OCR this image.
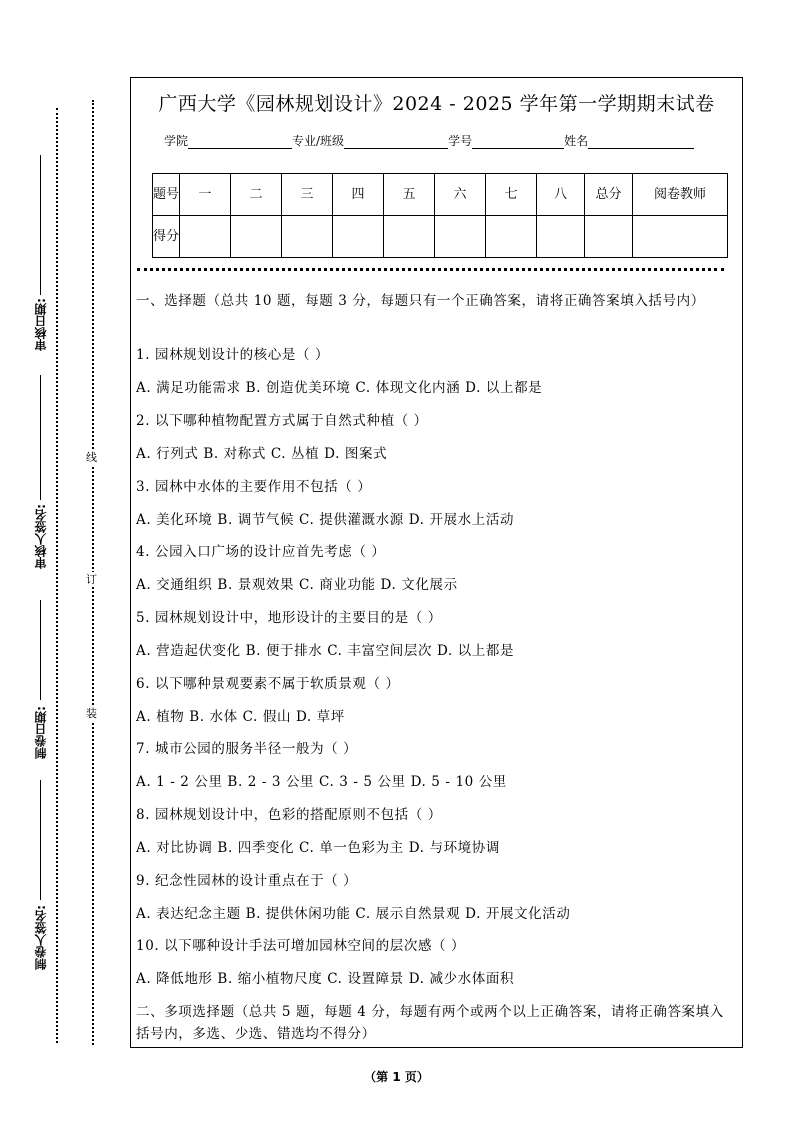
线
订
装
审核日期:
审核人签名:
制卷日期:
制卷人签名:
广西大学《园林规划设计》2024 - 2025 学年第一学期期末试卷
学院	专业/班级	学号	姓名
题号	一	二	三	四	五	六	七	八	总分	阅卷教师
得分										
一、选择题（总共 10 题，每题 3 分，每题只有一个正确答案，请将正确答案填入括号内）
1. 园林规划设计的核心是（ ）
A. 满足功能需求 B. 创造优美环境 C. 体现文化内涵 D. 以上都是
2. 以下哪种植物配置方式属于自然式种植（ ）
A. 行列式 B. 对称式 C. 丛植 D. 图案式
3. 园林中水体的主要作用不包括（ ）
A. 美化环境 B. 调节气候 C. 提供灌溉水源 D. 开展水上活动
4. 公园入口广场的设计应首先考虑（ ）
A. 交通组织 B. 景观效果 C. 商业功能 D. 文化展示
5. 园林规划设计中，地形设计的主要目的是（ ）
A. 营造起伏变化 B. 便于排水 C. 丰富空间层次 D. 以上都是
6. 以下哪种景观要素不属于软质景观（ ）
A. 植物 B. 水体 C. 假山 D. 草坪
7. 城市公园的服务半径一般为（ ）
A. 1 - 2 公里 B. 2 - 3 公里 C. 3 - 5 公里 D. 5 - 10 公里
8. 园林规划设计中，色彩的搭配原则不包括（ ）
A. 对比协调 B. 四季变化 C. 单一色彩为主 D. 与环境协调
9. 纪念性园林的设计重点在于（ ）
A. 表达纪念主题 B. 提供休闲功能 C. 展示自然景观 D. 开展文化活动
10. 以下哪种设计手法可增加园林空间的层次感（ ）
A. 降低地形 B. 缩小植物尺度 C. 设置障景 D. 减少水体面积
二、多项选择题（总共 5 题，每题 4 分，每题有两个或两个以上正确答案，请将正确答案填入括号内，多选、少选、错选均不得分）
（第 1 页）
